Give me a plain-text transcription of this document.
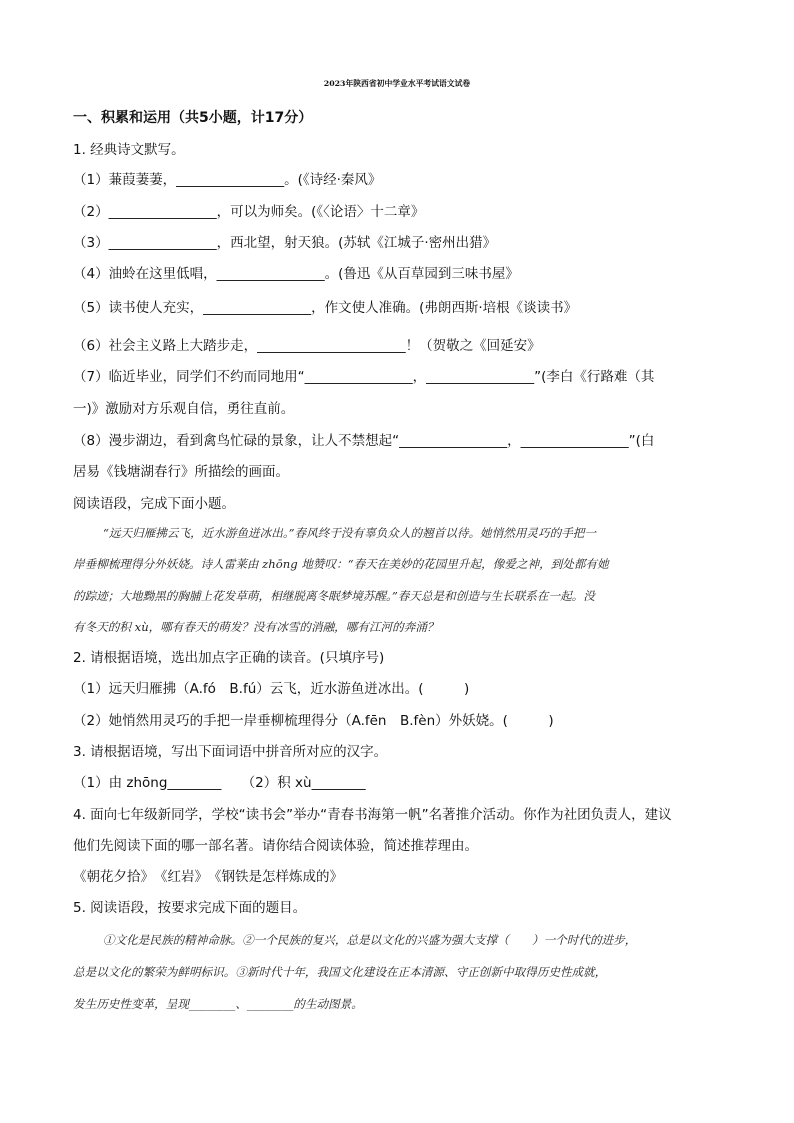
2023年陕西省初中学业水平考试语文试卷
一、积累和运用（共5小题，计17分）
1. 经典诗文默写。
（1）蒹葭萋萋，________________。(《诗经·秦风》
（2）________________，可以为师矣。(《〈论语〉十二章》
（3）________________，西北望，射天狼。(苏轼《江城子·密州出猎》
（4）油蛉在这里低唱，________________。(鲁迅《从百草园到三味书屋》
（5）读书使人充实，________________，作文使人准确。(弗朗西斯·培根《谈读书》
（6）社会主义路上大踏步走，______________________！（贺敬之《回延安》
（7）临近毕业，同学们不约而同地用“________________，________________”(李白《行路难（其
一)》激励对方乐观自信，勇往直前。
（8）漫步湖边，看到禽鸟忙碌的景象，让人不禁想起“________________，________________”(白
居易《钱塘湖春行》所描绘的画面。
阅读语段，完成下面小题。
“远天归雁拂云飞，近水游鱼迸冰出。”春风终于没有辜负众人的翘首以待。她悄然用灵巧的手把一
岸垂柳梳理得分外妖娆。诗人雷莱由 zhōng 地赞叹：“春天在美妙的花园里升起，像爱之神，到处都有她
的踪迹；大地黝黑的胸脯上花发草萌，相继脱离冬眠梦境苏醒。”春天总是和创造与生长联系在一起。没
有冬天的积 xù，哪有春天的萌发？没有冰雪的消融，哪有江河的奔涌？
2. 请根据语境，选出加点字正确的读音。(只填序号)
（1）远天归雁拂（A.fó　B.fú）云飞，近水游鱼迸冰出。(　　　)
（2）她悄然用灵巧的手把一岸垂柳梳理得分（A.fēn　B.fèn）外妖娆。(　　　)
3. 请根据语境，写出下面词语中拼音所对应的汉字。
（1）由 zhōng________　　（2）积 xù________
4. 面向七年级新同学，学校“读书会”举办“青春书海第一帆”名著推介活动。你作为社团负责人，建议
他们先阅读下面的哪一部名著。请你结合阅读体验，简述推荐理由。
《朝花夕拾》　《红岩》　《钢铁是怎样炼成的》
5. 阅读语段，按要求完成下面的题目。
①文化是民族的精神命脉。②一个民族的复兴，总是以文化的兴盛为强大支撑（　　）一个时代的进步，
总是以文化的繁荣为鲜明标识。③新时代十年，我国文化建设在正本清源、守正创新中取得历史性成就，
发生历史性变革，呈现________、________的生动图景。
